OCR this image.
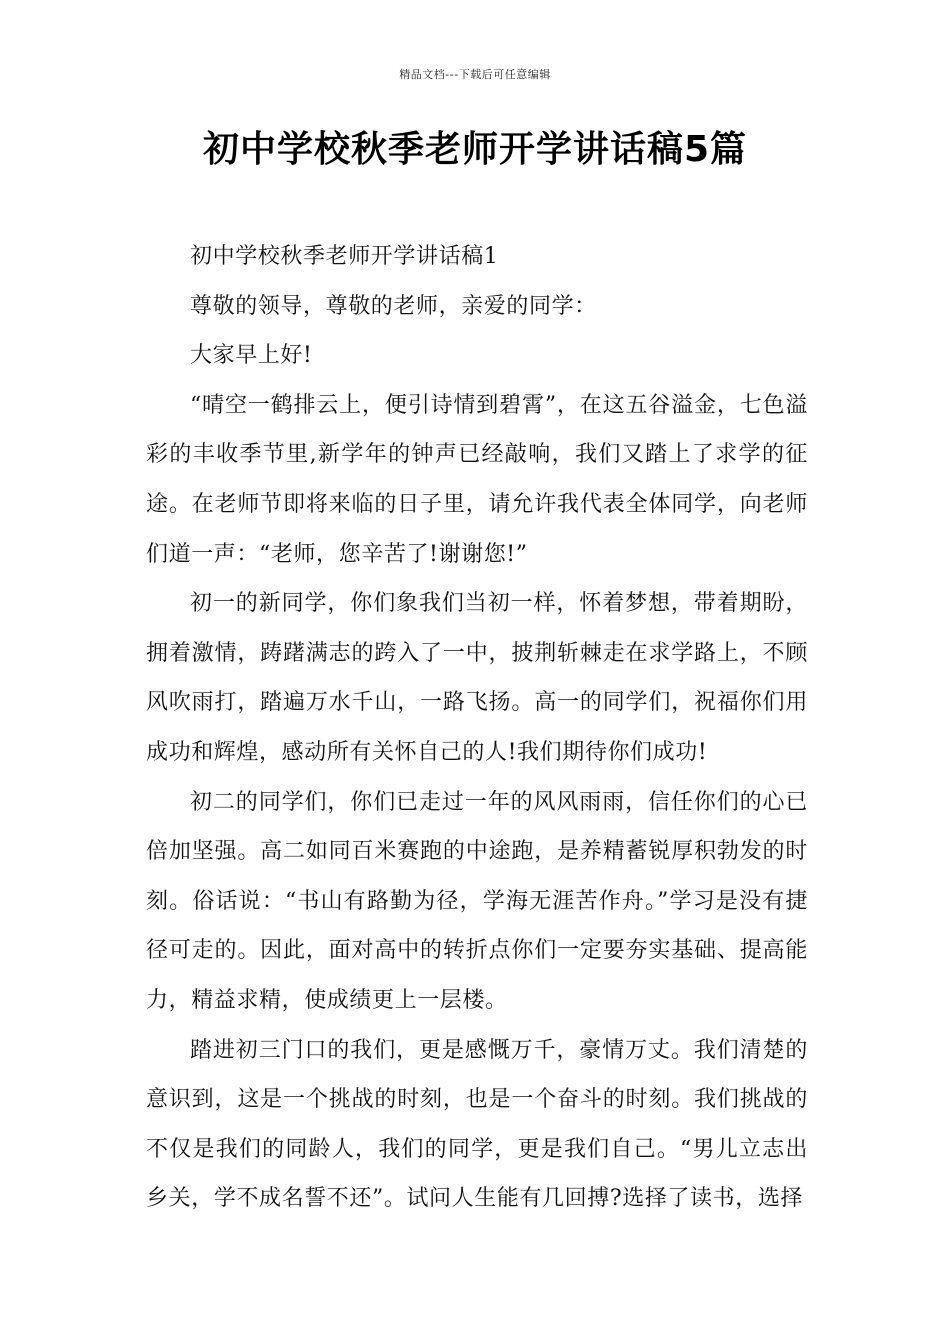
精品文档---下载后可任意编辑
初中学校秋季老师开学讲话稿5篇

初中学校秋季老师开学讲话稿1

尊敬的领导，尊敬的老师，亲爱的同学：

大家早上好!

“晴空一鹤排云上，便引诗情到碧霄”，在这五谷溢金，七色溢彩的丰收季节里,新学年的钟声已经敲响，我们又踏上了求学的征途。在老师节即将来临的日子里，请允许我代表全体同学，向老师们道一声：“老师，您辛苦了!谢谢您!”

初一的新同学，你们象我们当初一样，怀着梦想，带着期盼，拥着激情，踌躇满志的跨入了一中，披荆斩棘走在求学路上，不顾风吹雨打，踏遍万水千山，一路飞扬。高一的同学们，祝福你们用成功和辉煌，感动所有关怀自己的人!我们期待你们成功!

初二的同学们，你们已走过一年的风风雨雨，信任你们的心已倍加坚强。高二如同百米赛跑的中途跑，是养精蓄锐厚积勃发的时刻。俗话说：“书山有路勤为径，学海无涯苦作舟。”学习是没有捷径可走的。因此，面对高中的转折点你们一定要夯实基础、提高能力，精益求精，使成绩更上一层楼。

踏进初三门口的我们，更是感慨万千，豪情万丈。我们清楚的意识到，这是一个挑战的时刻，也是一个奋斗的时刻。我们挑战的不仅是我们的同龄人，我们的同学，更是我们自己。“男儿立志出乡关，学不成名誓不还”。试问人生能有几回搏?选择了读书，选择
